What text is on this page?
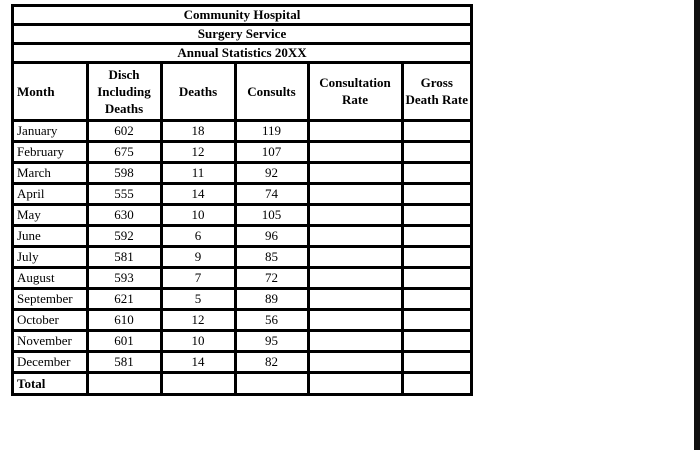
Community Hospital
Surgery Service
Annual Statistics 20XX
Month	Disch Including Deaths	Deaths	Consults	Consultation Rate	Gross Death Rate
January	602	18	119		
February	675	12	107		
March	598	11	92		
April	555	14	74		
May	630	10	105		
June	592	6	96		
July	581	9	85		
August	593	7	72		
September	621	5	89		
October	610	12	56		
November	601	10	95		
December	581	14	82		
Total					
